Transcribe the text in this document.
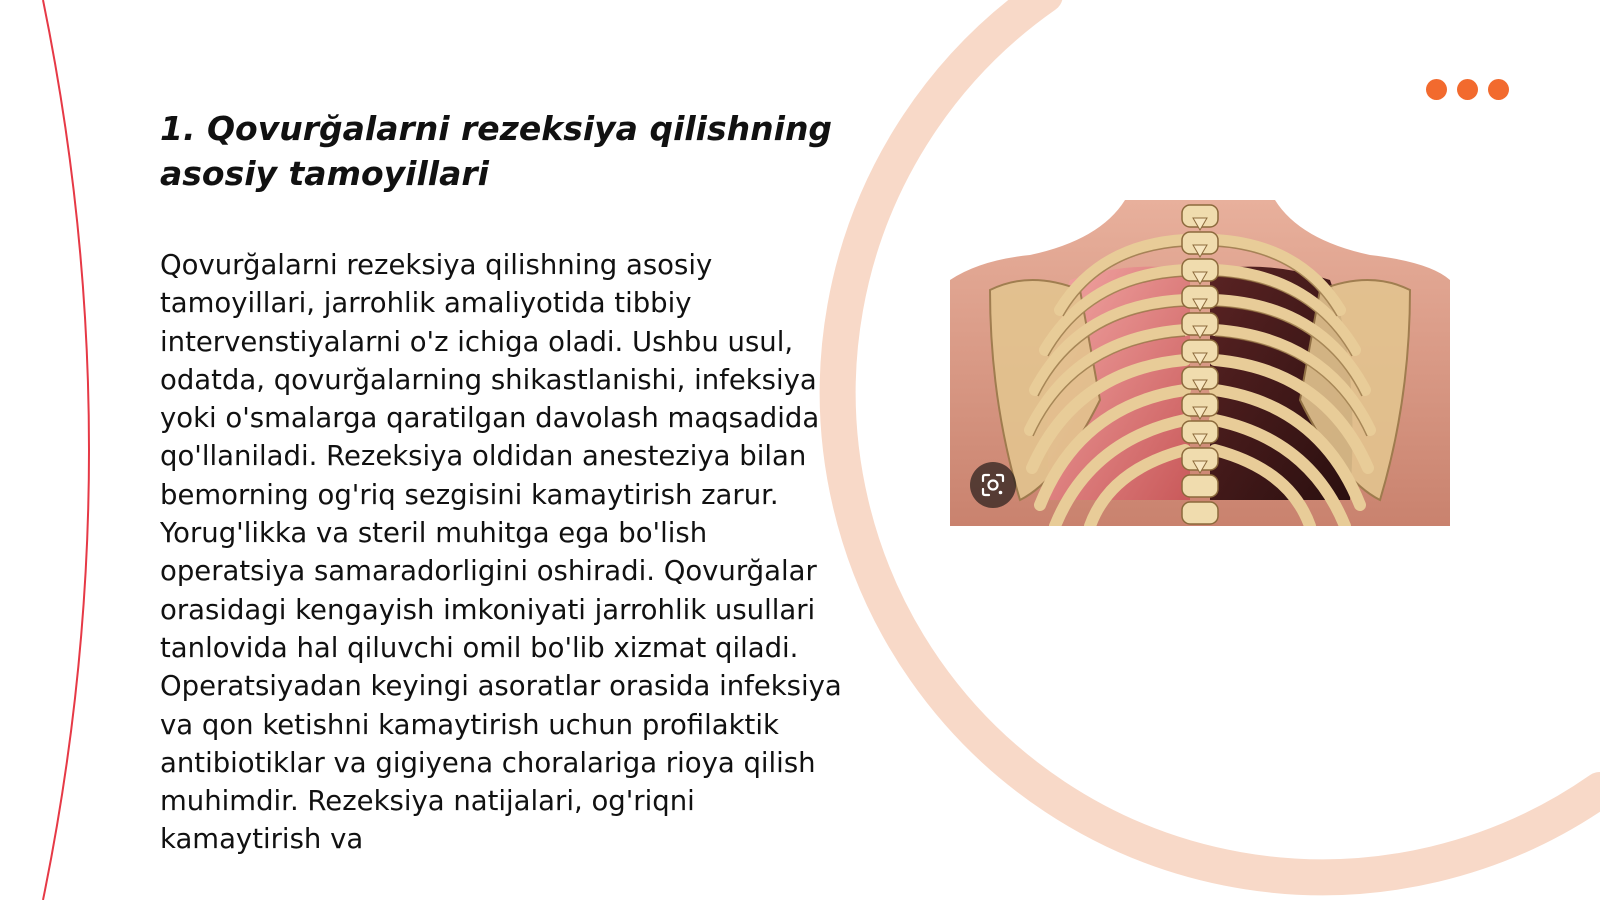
1. Qovurğalarni rezeksiya qilishning asosiy tamoyillari

Qovurğalarni rezeksiya qilishning asosiy tamoyillari, jarrohlik amaliyotida tibbiy intervenstiyalarni o'z ichiga oladi. Ushbu usul, odatda, qovurğalarning shikastlanishi, infeksiya yoki o'smalarga qaratilgan davolash maqsadida qo'llaniladi. Rezeksiya oldidan anesteziya bilan bemorning og'riq sezgisini kamaytirish zarur. Yorug'likka va steril muhitga ega bo'lish operatsiya samaradorligini oshiradi. Qovurğalar orasidagi kengayish imkoniyati jarrohlik usullari tanlovida hal qiluvchi omil bo'lib xizmat qiladi. Operatsiyadan keyingi asoratlar orasida infeksiya va qon ketishni kamaytirish uchun profilaktik antibiotiklar va gigiyena choralariga rioya qilish muhimdir. Rezeksiya natijalari, og'riqni kamaytirish va
